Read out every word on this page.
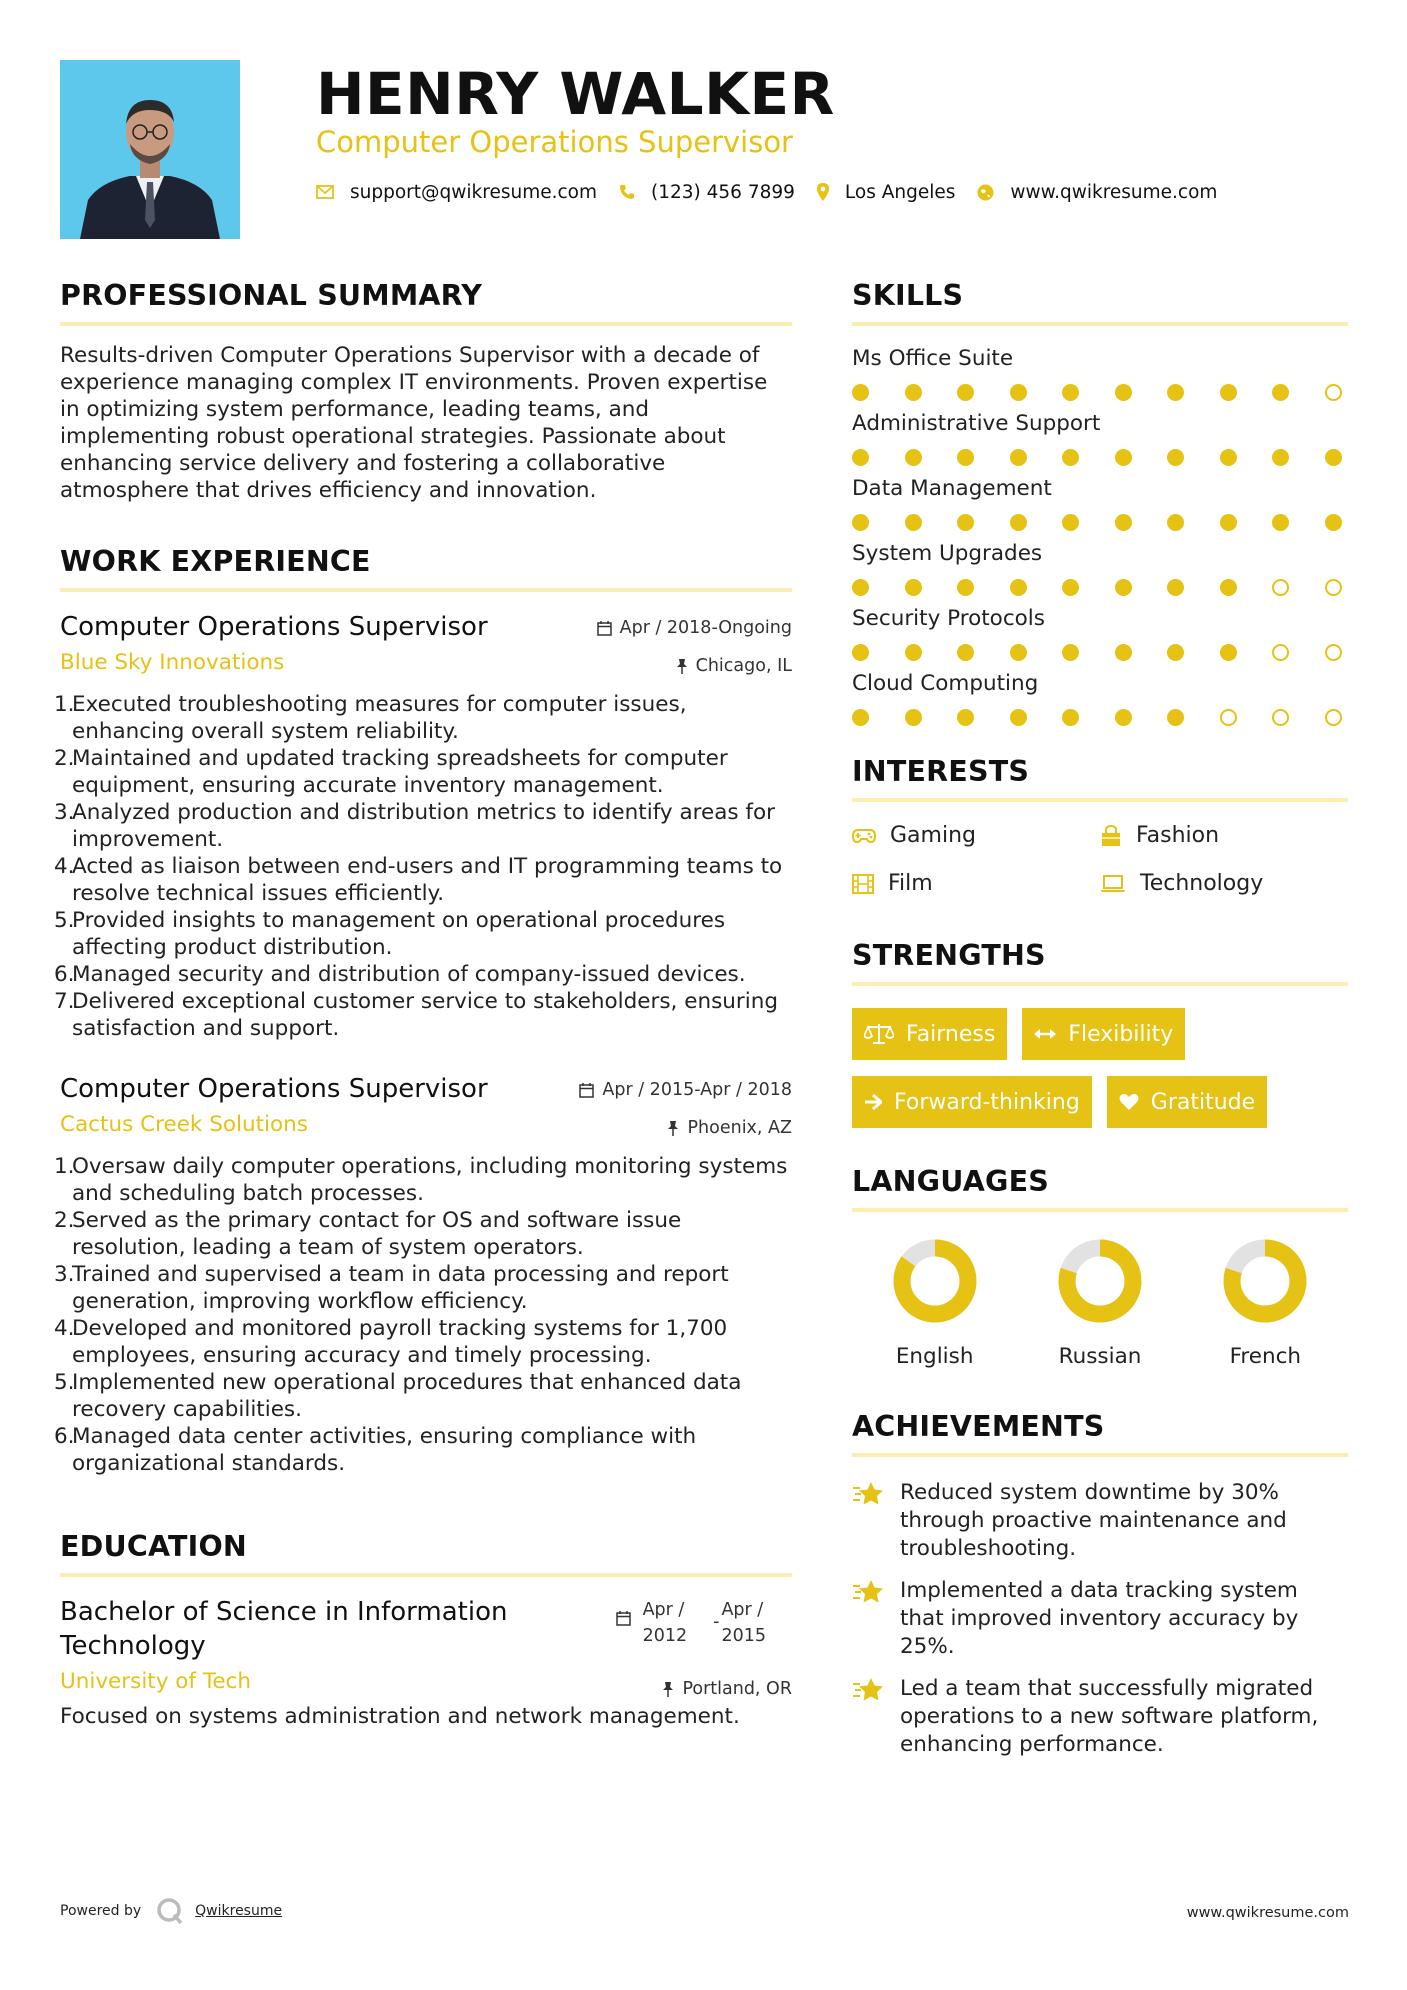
HENRY WALKER
Computer Operations Supervisor
support@qwikresume.com	(123) 456 7899	Los Angeles	www.qwikresume.com
PROFESSIONAL SUMMARY

Results-driven Computer Operations Supervisor with a decade of experience managing complex IT environments. Proven expertise in optimizing system performance, leading teams, and implementing robust operational strategies. Passionate about enhancing service delivery and fostering a collaborative atmosphere that drives efficiency and innovation.

WORK EXPERIENCE
Computer Operations Supervisor
Blue Sky Innovations
Apr / 2018-Ongoing
Chicago, IL
1.
Executed troubleshooting measures for computer issues, enhancing overall system reliability.
2.
Maintained and updated tracking spreadsheets for computer equipment, ensuring accurate inventory management.
3.
Analyzed production and distribution metrics to identify areas for improvement.
4.
Acted as liaison between end-users and IT programming teams to resolve technical issues efficiently.
5.
Provided insights to management on operational procedures affecting product distribution.
6.
Managed security and distribution of company-issued devices.
7.
Delivered exceptional customer service to stakeholders, ensuring satisfaction and support.
Computer Operations Supervisor
Cactus Creek Solutions
Apr / 2015-Apr / 2018
Phoenix, AZ
1.
Oversaw daily computer operations, including monitoring systems and scheduling batch processes.
2.
Served as the primary contact for OS and software issue resolution, leading a team of system operators.
3.
Trained and supervised a team in data processing and report generation, improving workflow efficiency.
4.
Developed and monitored payroll tracking systems for 1,700 employees, ensuring accuracy and timely processing.
5.
Implemented new operational procedures that enhanced data recovery capabilities.
6.
Managed data center activities, ensuring compliance with organizational standards.
EDUCATION
Bachelor of Science in Information
Technology
University of Tech
Apr /
2012
-
Apr /
2015
Portland, OR
Focused on systems administration and network management.
SKILLS
Ms Office Suite
Administrative Support
Data Management
System Upgrades
Security Protocols
Cloud Computing
INTERESTS
Gaming	Fashion
Film	Technology
STRENGTHS
Fairness	Flexibility
Forward-thinking	Gratitude
LANGUAGES
English	Russian	French
ACHIEVEMENTS
Reduced system downtime by 30% through proactive maintenance and troubleshooting.
Implemented a data tracking system that improved inventory accuracy by 25%.
Led a team that successfully migrated operations to a new software platform, enhancing performance.
Powered by	Qwikresume	www.qwikresume.com
